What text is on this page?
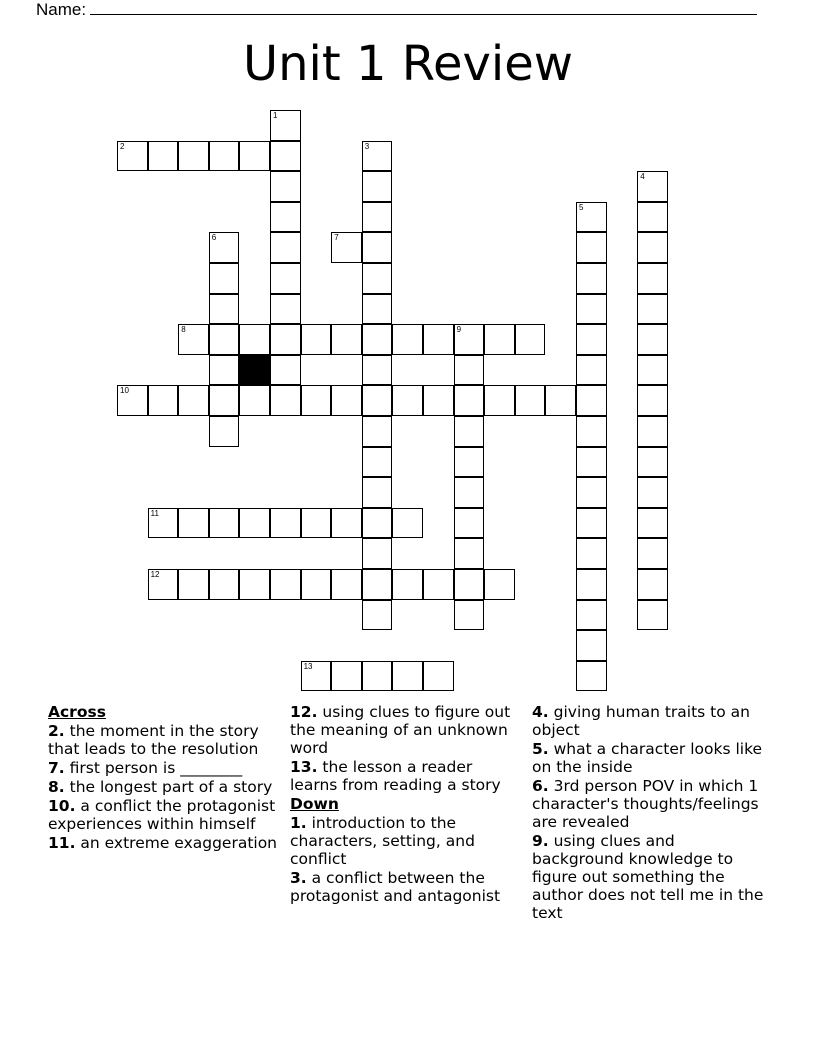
Name:
Unit 1 Review
1
2	3
4
5
6	7
8	9
10
11
12
13
Across
2. the moment in the story that leads to the resolution
7. first person is ________
8. the longest part of a story
10. a conflict the protagonist experiences within himself
11. an extreme exaggeration
12. using clues to figure out the meaning of an unknown word
13. the lesson a reader learns from reading a story
Down
1. introduction to the characters, setting, and conflict
3. a conflict between the protagonist and antagonist
4. giving human traits to an object
5. what a character looks like on the inside
6. 3rd person POV in which 1 character's thoughts/feelings are revealed
9. using clues and background knowledge to figure out something the author does not tell me in the text
